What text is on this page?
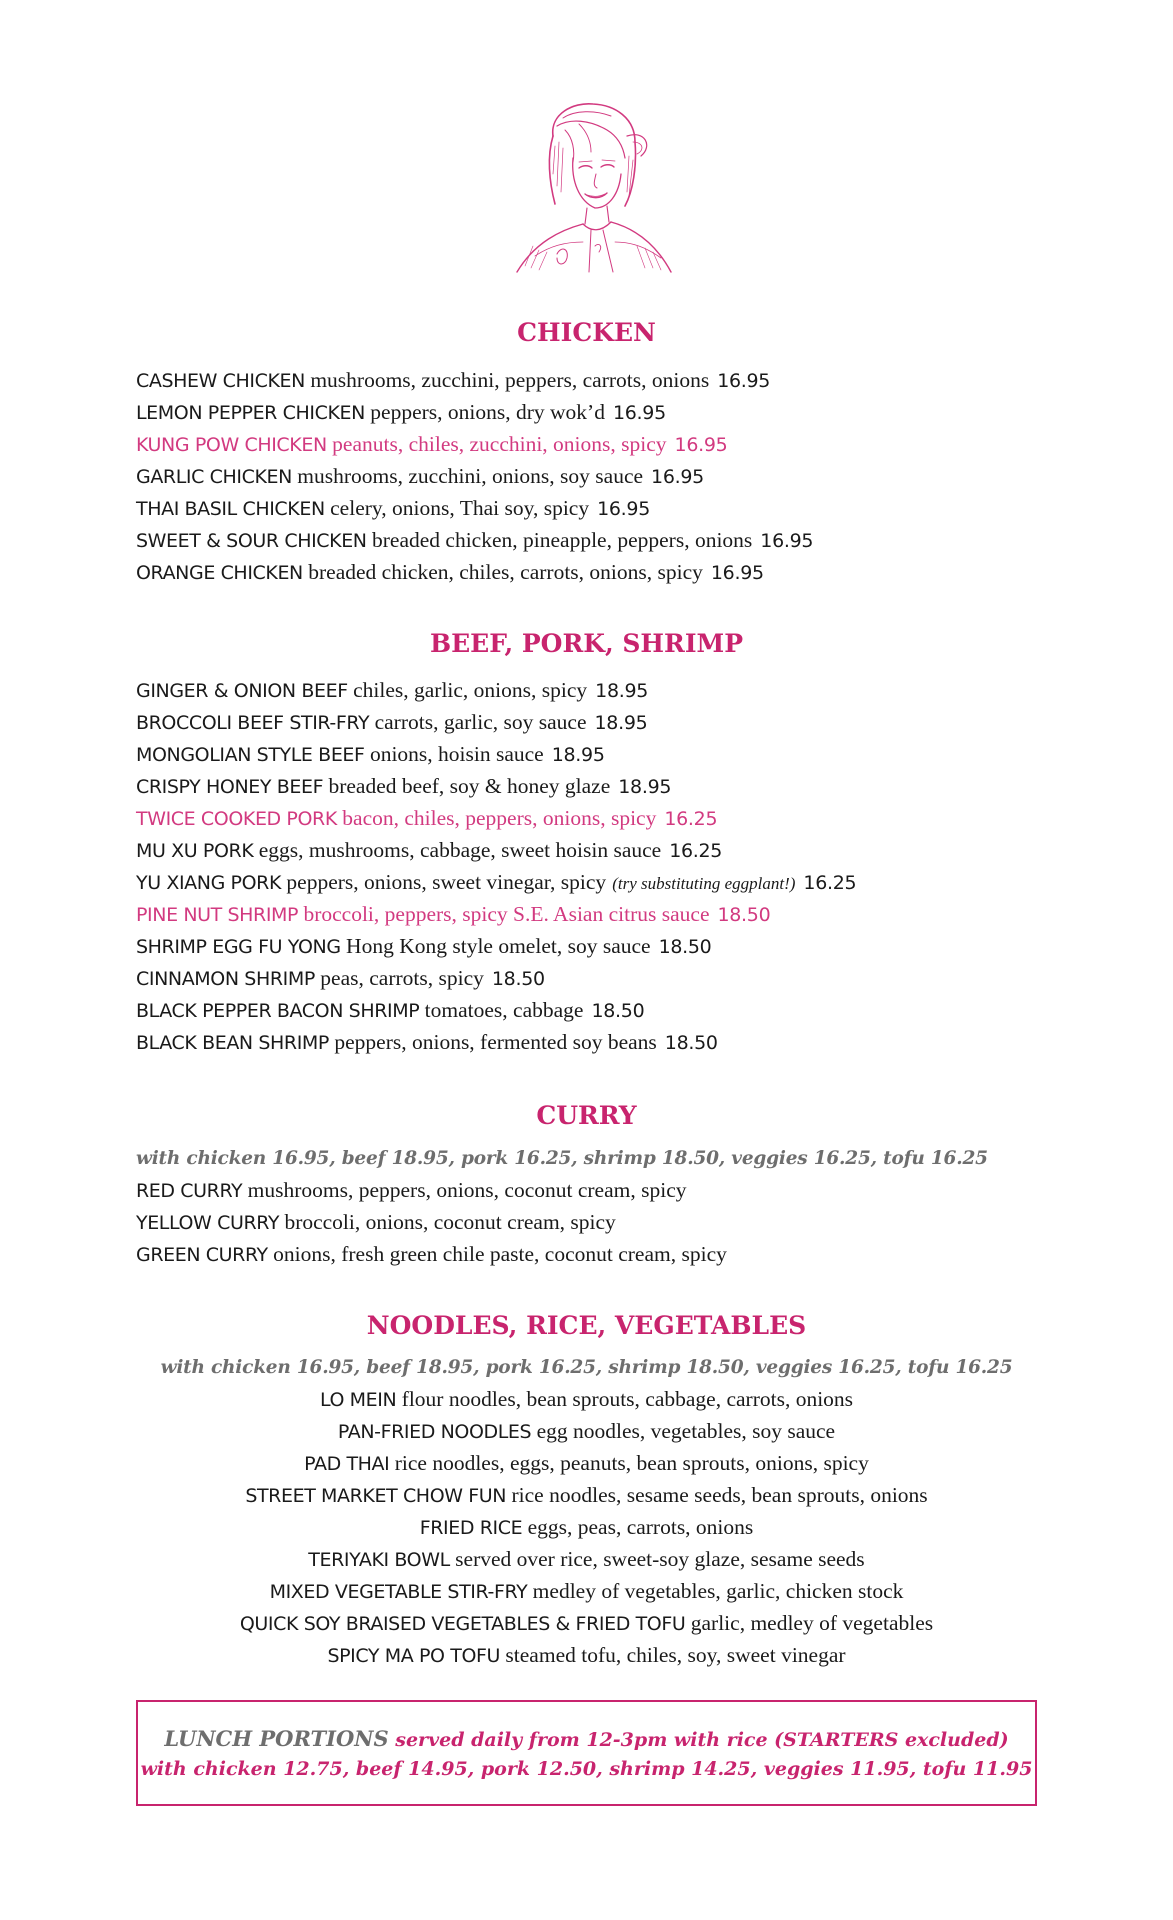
CHICKEN
CASHEW CHICKEN mushrooms, zucchini, peppers, carrots, onions 16.95
LEMON PEPPER CHICKEN peppers, onions, dry wok’d 16.95
KUNG POW CHICKEN peanuts, chiles, zucchini, onions, spicy 16.95
GARLIC CHICKEN mushrooms, zucchini, onions, soy sauce 16.95
THAI BASIL CHICKEN celery, onions, Thai soy, spicy 16.95
SWEET & SOUR CHICKEN breaded chicken, pineapple, peppers, onions 16.95
ORANGE CHICKEN breaded chicken, chiles, carrots, onions, spicy 16.95
BEEF, PORK, SHRIMP
GINGER & ONION BEEF chiles, garlic, onions, spicy 18.95
BROCCOLI BEEF STIR-FRY carrots, garlic, soy sauce 18.95
MONGOLIAN STYLE BEEF onions, hoisin sauce 18.95
CRISPY HONEY BEEF breaded beef, soy & honey glaze 18.95
TWICE COOKED PORK bacon, chiles, peppers, onions, spicy 16.25
MU XU PORK eggs, mushrooms, cabbage, sweet hoisin sauce 16.25
YU XIANG PORK peppers, onions, sweet vinegar, spicy (try substituting eggplant!) 16.25
PINE NUT SHRIMP broccoli, peppers, spicy S.E. Asian citrus sauce 18.50
SHRIMP EGG FU YONG Hong Kong style omelet, soy sauce 18.50
CINNAMON SHRIMP peas, carrots, spicy 18.50
BLACK PEPPER BACON SHRIMP tomatoes, cabbage 18.50
BLACK BEAN SHRIMP peppers, onions, fermented soy beans 18.50
CURRY

with chicken 16.95, beef 18.95, pork 16.25, shrimp 18.50, veggies 16.25, tofu 16.25

RED CURRY mushrooms, peppers, onions, coconut cream, spicy
YELLOW CURRY broccoli, onions, coconut cream, spicy
GREEN CURRY onions, fresh green chile paste, coconut cream, spicy
NOODLES, RICE, VEGETABLES

with chicken 16.95, beef 18.95, pork 16.25, shrimp 18.50, veggies 16.25, tofu 16.25

LO MEIN flour noodles, bean sprouts, cabbage, carrots, onions
PAN-FRIED NOODLES egg noodles, vegetables, soy sauce
PAD THAI rice noodles, eggs, peanuts, bean sprouts, onions, spicy
STREET MARKET CHOW FUN rice noodles, sesame seeds, bean sprouts, onions
FRIED RICE eggs, peas, carrots, onions
TERIYAKI BOWL served over rice, sweet-soy glaze, sesame seeds
MIXED VEGETABLE STIR-FRY medley of vegetables, garlic, chicken stock
QUICK SOY BRAISED VEGETABLES & FRIED TOFU garlic, medley of vegetables
SPICY MA PO TOFU steamed tofu, chiles, soy, sweet vinegar
LUNCH PORTIONS served daily from 12-3pm with rice (STARTERS excluded)
with chicken 12.75, beef 14.95, pork 12.50, shrimp 14.25, veggies 11.95, tofu 11.95
